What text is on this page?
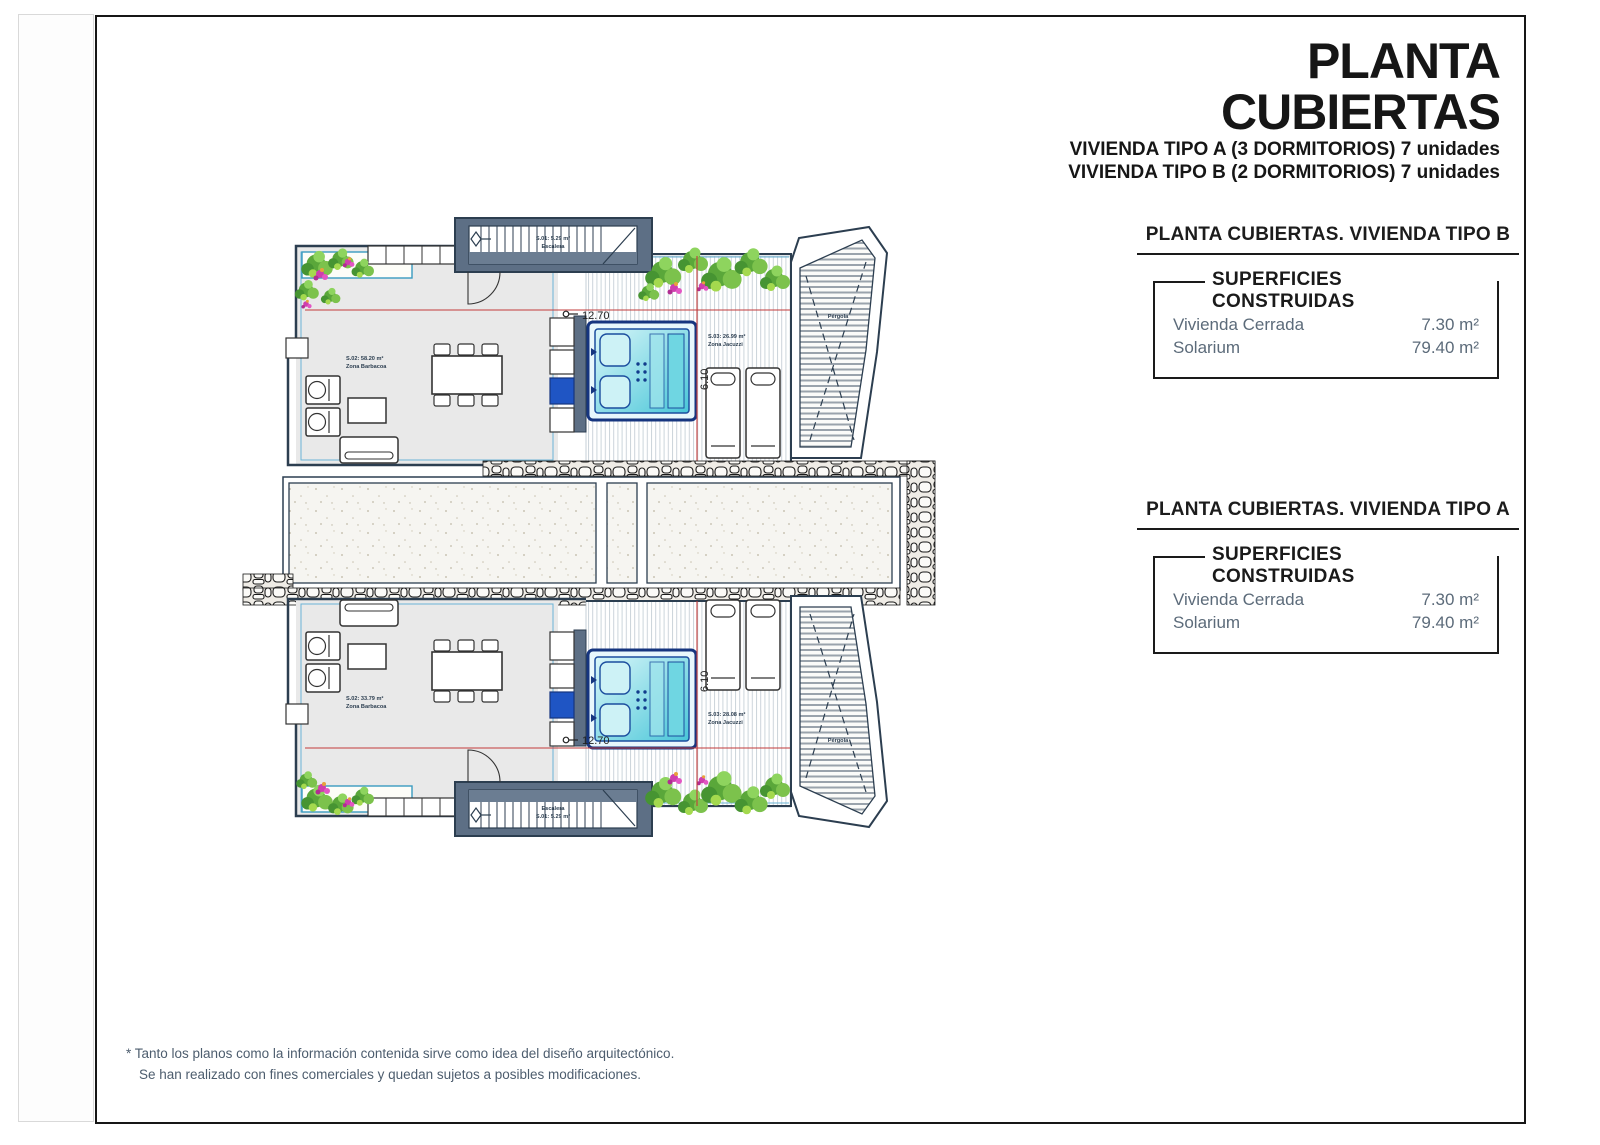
PLANTA CUBIERTAS
VIVIENDA TIPO A (3 DORMITORIOS) 7 unidades
VIVIENDA TIPO B (2 DORMITORIOS) 7 unidades
PLANTA CUBIERTAS. VIVIENDA TIPO B
SUPERFICIES CONSTRUIDAS
Vivienda Cerrada	7.30 m²
Solarium	79.40 m²
PLANTA CUBIERTAS. VIVIENDA TIPO A
SUPERFICIES CONSTRUIDAS
Vivienda Cerrada	7.30 m²
Solarium	79.40 m²
S.01: 5.29 m²
Escalera
S.02: 58.20 m²
Zona Barbacoa
S.03: 26.99 m²
Zona Jacuzzi
12.70
6.10
Pérgola
Escalera
S.01: 5.29 m²
S.02: 33.79 m²
Zona Barbacoa
S.03: 28.08 m²
Zona Jacuzzi
12.70
6.10
Pérgola
* Tanto los planos como la información contenida sirve como idea del diseño arquitectónico.
Se han realizado con fines comerciales y quedan sujetos a posibles modificaciones.
